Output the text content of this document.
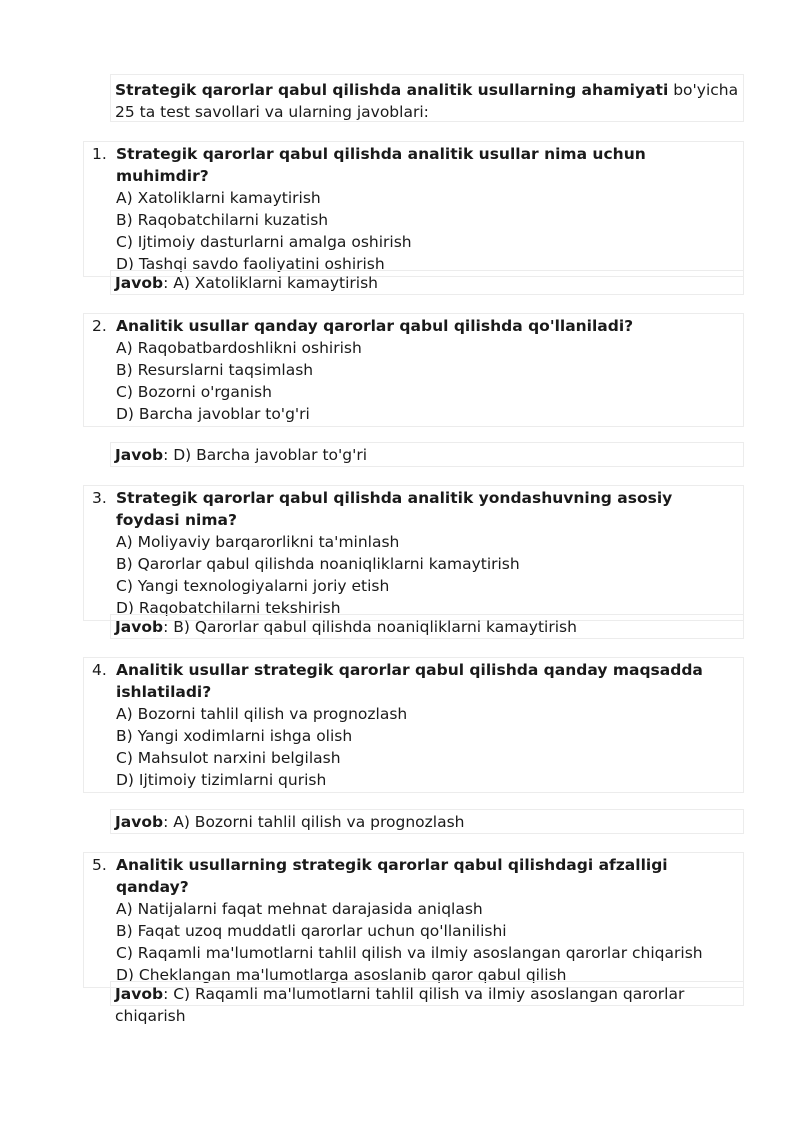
Strategik qarorlar qabul qilishda analitik usullarning ahamiyati bo'yicha 25 ta test savollari va ularning javoblari:
1. Strategik qarorlar qabul qilishda analitik usullar nima uchun muhimdir?
A) Xatoliklarni kamaytirish
B) Raqobatchilarni kuzatish
C) Ijtimoiy dasturlarni amalga oshirish
D) Tashqi savdo faoliyatini oshirish
Javob: A) Xatoliklarni kamaytirish
2. Analitik usullar qanday qarorlar qabul qilishda qo'llaniladi?
A) Raqobatbardoshlikni oshirish
B) Resurslarni taqsimlash
C) Bozorni o'rganish
D) Barcha javoblar to'g'ri
Javob: D) Barcha javoblar to'g'ri
3. Strategik qarorlar qabul qilishda analitik yondashuvning asosiy foydasi nima?
A) Moliyaviy barqarorlikni ta'minlash
B) Qarorlar qabul qilishda noaniqliklarni kamaytirish
C) Yangi texnologiyalarni joriy etish
D) Raqobatchilarni tekshirish
Javob: B) Qarorlar qabul qilishda noaniqliklarni kamaytirish
4. Analitik usullar strategik qarorlar qabul qilishda qanday maqsadda ishlatiladi?
A) Bozorni tahlil qilish va prognozlash
B) Yangi xodimlarni ishga olish
C) Mahsulot narxini belgilash
D) Ijtimoiy tizimlarni qurish
Javob: A) Bozorni tahlil qilish va prognozlash
5. Analitik usullarning strategik qarorlar qabul qilishdagi afzalligi qanday?
A) Natijalarni faqat mehnat darajasida aniqlash
B) Faqat uzoq muddatli qarorlar uchun qo'llanilishi
C) Raqamli ma'lumotlarni tahlil qilish va ilmiy asoslangan qarorlar chiqarish
D) Cheklangan ma'lumotlarga asoslanib qaror qabul qilish
Javob: C) Raqamli ma'lumotlarni tahlil qilish va ilmiy asoslangan qarorlar chiqarish
